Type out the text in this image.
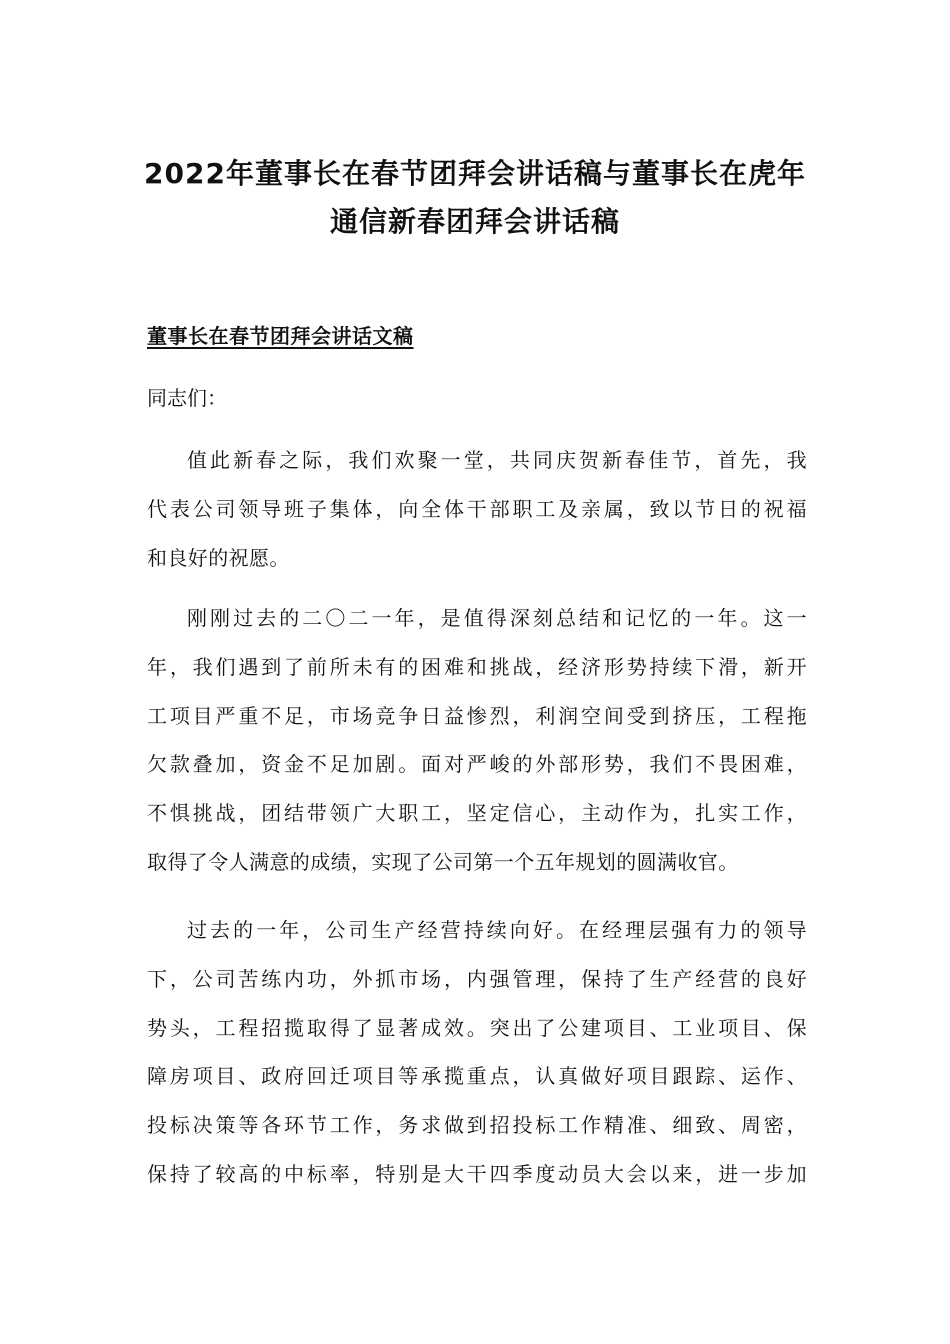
2022年董事长在春节团拜会讲话稿与董事长在虎年
通信新春团拜会讲话稿
董事长在春节团拜会讲话文稿
同志们：
值此新春之际，我们欢聚一堂，共同庆贺新春佳节，首先，我
代表公司领导班子集体，向全体干部职工及亲属，致以节日的祝福
和良好的祝愿。
刚刚过去的二〇二一年，是值得深刻总结和记忆的一年。这一
年，我们遇到了前所未有的困难和挑战，经济形势持续下滑，新开
工项目严重不足，市场竞争日益惨烈，利润空间受到挤压，工程拖
欠款叠加，资金不足加剧。面对严峻的外部形势，我们不畏困难，
不惧挑战，团结带领广大职工，坚定信心，主动作为，扎实工作，
取得了令人满意的成绩，实现了公司第一个五年规划的圆满收官。
过去的一年，公司生产经营持续向好。在经理层强有力的领导
下，公司苦练内功，外抓市场，内强管理，保持了生产经营的良好
势头，工程招揽取得了显著成效。突出了公建项目、工业项目、保
障房项目、政府回迁项目等承揽重点，认真做好项目跟踪、运作、
投标决策等各环节工作，务求做到招投标工作精准、细致、周密，
保持了较高的中标率，特别是大干四季度动员大会以来，进一步加
